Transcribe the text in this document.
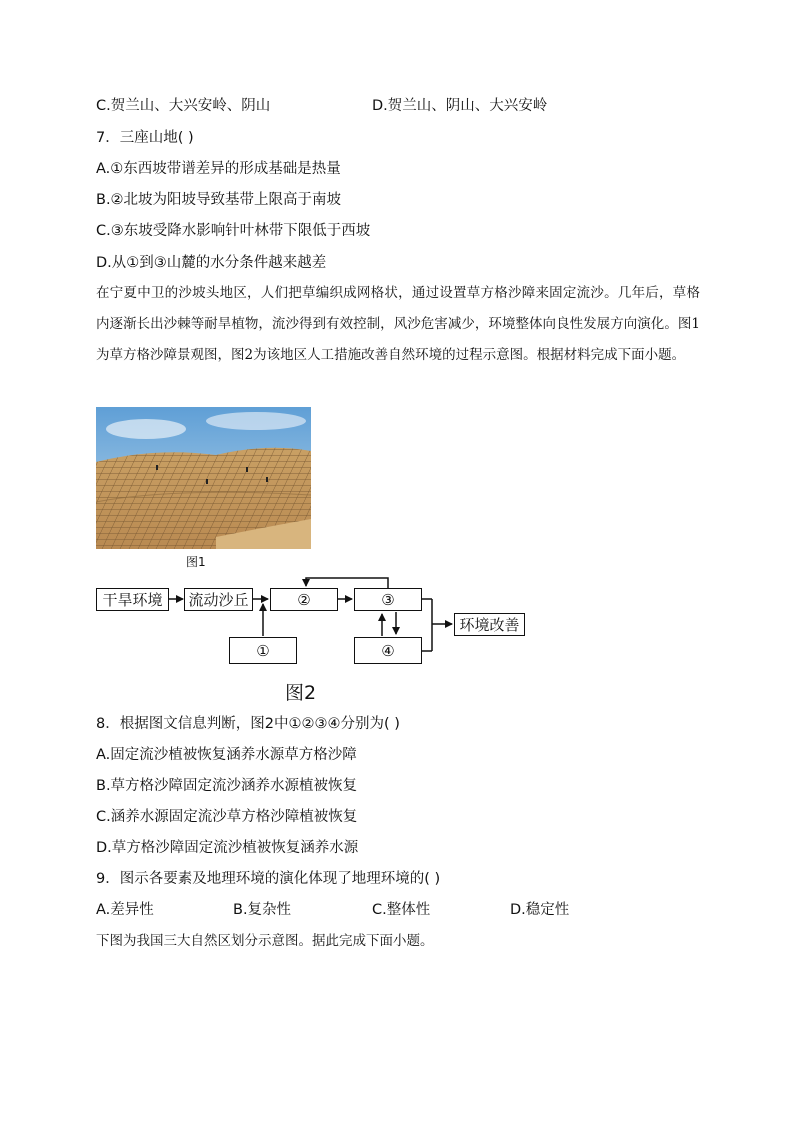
C.贺兰山、大兴安岭、阴山	D.贺兰山、阴山、大兴安岭
7．三座山地( )
A.①东西坡带谱差异的形成基础是热量
B.②北坡为阳坡导致基带上限高于南坡
C.③东坡受降水影响针叶林带下限低于西坡
D.从①到③山麓的水分条件越来越差
在宁夏中卫的沙坡头地区，人们把草编织成网格状，通过设置草方格沙障来固定流沙。几年后，草格内逐渐长出沙棘等耐旱植物，流沙得到有效控制，风沙危害减少，环境整体向良性发展方向演化。图1为草方格沙障景观图，图2为该地区人工措施改善自然环境的过程示意图。根据材料完成下面小题。
图1
干旱环境	流动沙丘	②	③
①	④
环境改善
图2
8．根据图文信息判断，图2中①②③④分别为( )
A.固定流沙植被恢复涵养水源草方格沙障
B.草方格沙障固定流沙涵养水源植被恢复
C.涵养水源固定流沙草方格沙障植被恢复
D.草方格沙障固定流沙植被恢复涵养水源
9．图示各要素及地理环境的演化体现了地理环境的( )
A.差异性	B.复杂性	C.整体性	D.稳定性
下图为我国三大自然区划分示意图。据此完成下面小题。
